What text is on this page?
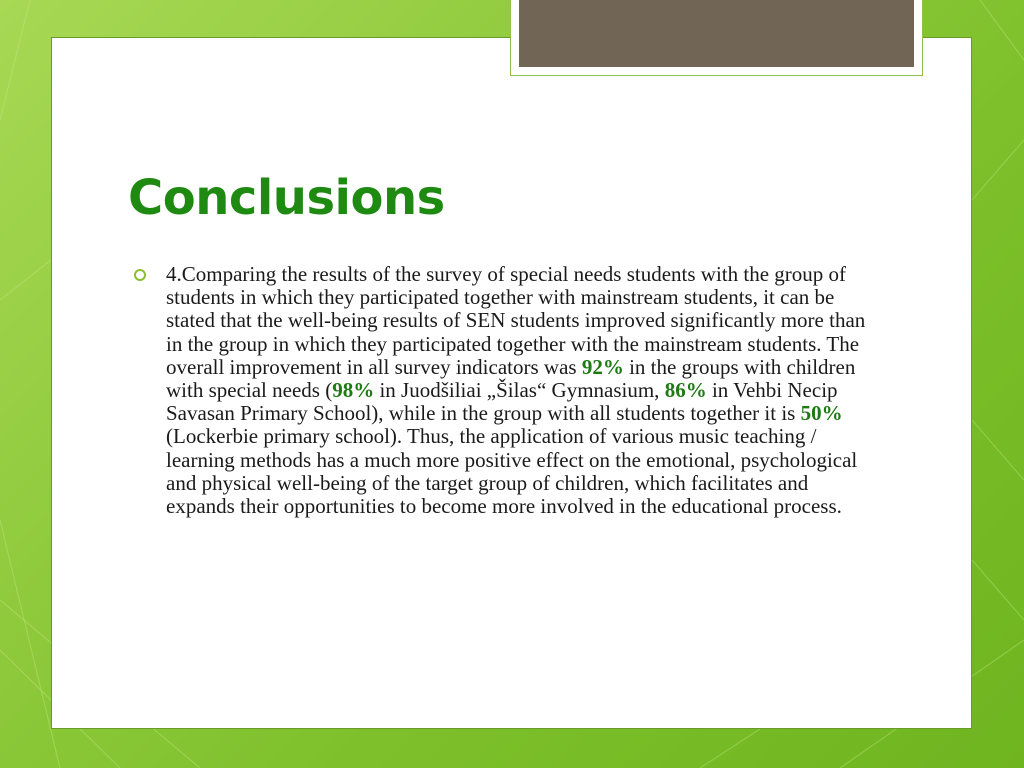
Conclusions
4.Comparing the results of the survey of special needs students with the group of students in which they participated together with mainstream students, it can be stated that the well-being results of SEN students improved significantly more than in the group in which they participated together with the mainstream students. The overall improvement in all survey indicators was 92% in the groups with children with special needs (98% in Juodšiliai „Šilas“ Gymnasium, 86% in Vehbi Necip Savasan Primary School), while in the group with all students together it is 50% (Lockerbie primary school). Thus, the application of various music teaching / learning methods has a much more positive effect on the emotional, psychological and physical well-being of the target group of children, which facilitates and expands their opportunities to become more involved in the educational process.
